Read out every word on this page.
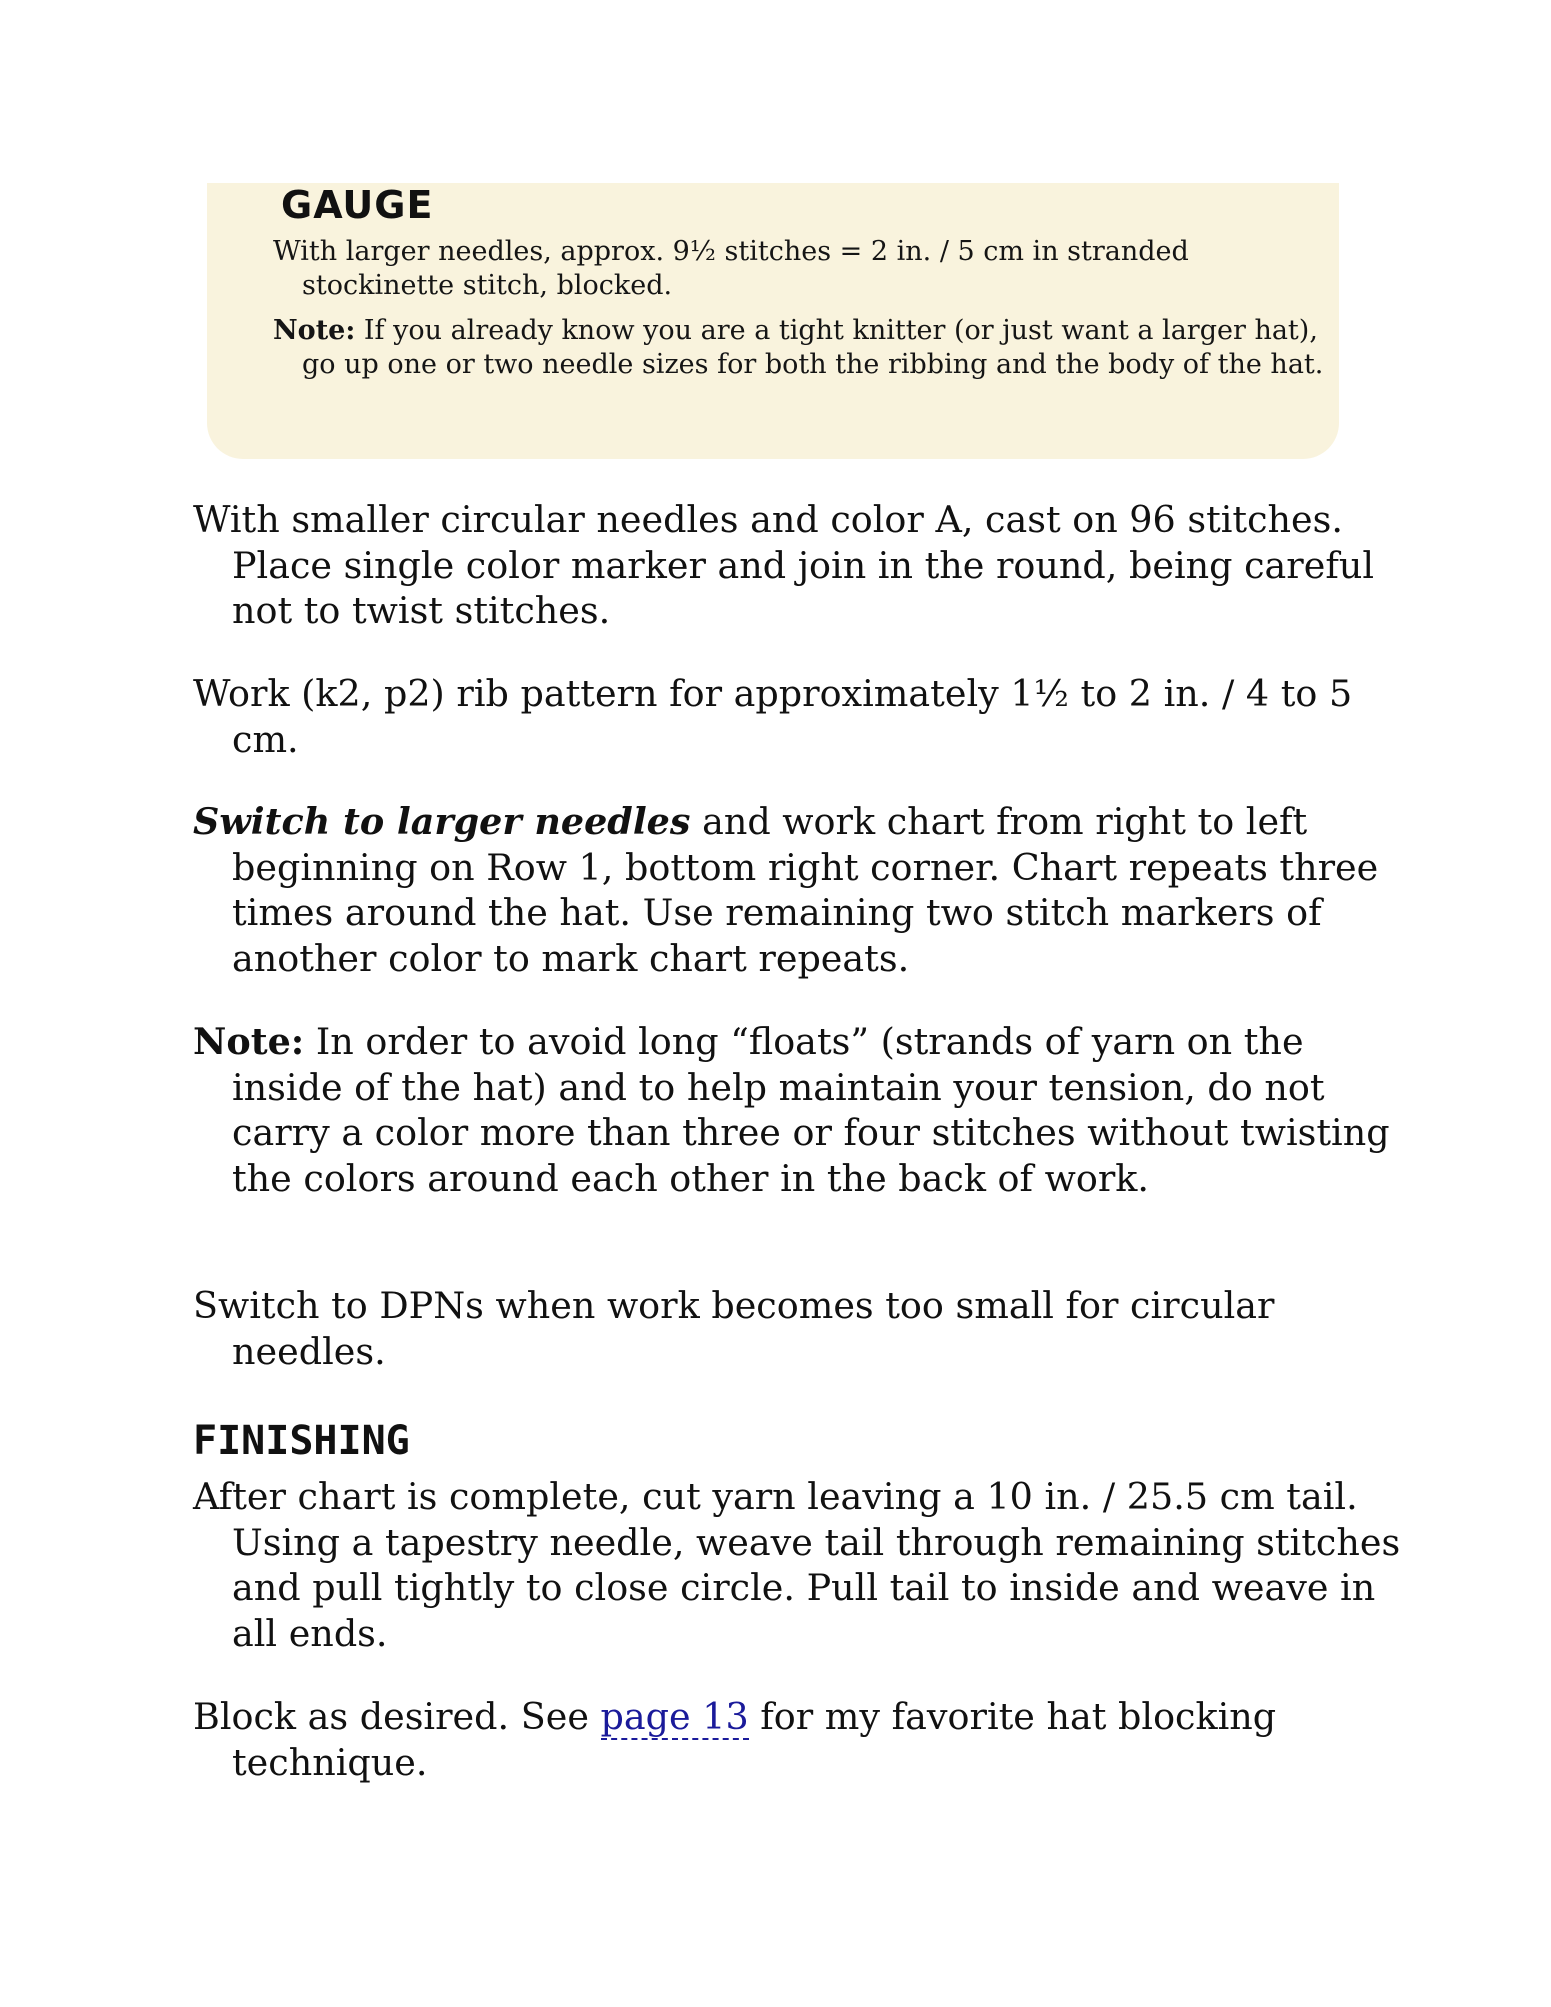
GAUGE

With larger needles, approx. 9½ stitches = 2 in. / 5 cm in stranded stockinette stitch, blocked.

Note: If you already know you are a tight knitter (or just want a larger hat), go up one or two needle sizes for both the ribbing and the body of the hat.

With smaller circular needles and color A, cast on 96 stitches. Place single color marker and join in the round, being careful not to twist stitches.

Work (k2, p2) rib pattern for approximately 1½ to 2 in. / 4 to 5 cm.

Switch to larger needles and work chart from right to left beginning on Row 1, bottom right corner. Chart repeats three times around the hat. Use remaining two stitch markers of another color to mark chart repeats.

Note: In order to avoid long “floats” (strands of yarn on the inside of the hat) and to help maintain your tension, do not carry a color more than three or four stitches without twisting the colors around each other in the back of work.

Switch to DPNs when work becomes too small for circular needles.

FINISHING

After chart is complete, cut yarn leaving a 10 in. / 25.5 cm tail. Using a tapestry needle, weave tail through remaining stitches and pull tightly to close circle. Pull tail to inside and weave in all ends.

Block as desired. See page 13 for my favorite hat blocking technique.
